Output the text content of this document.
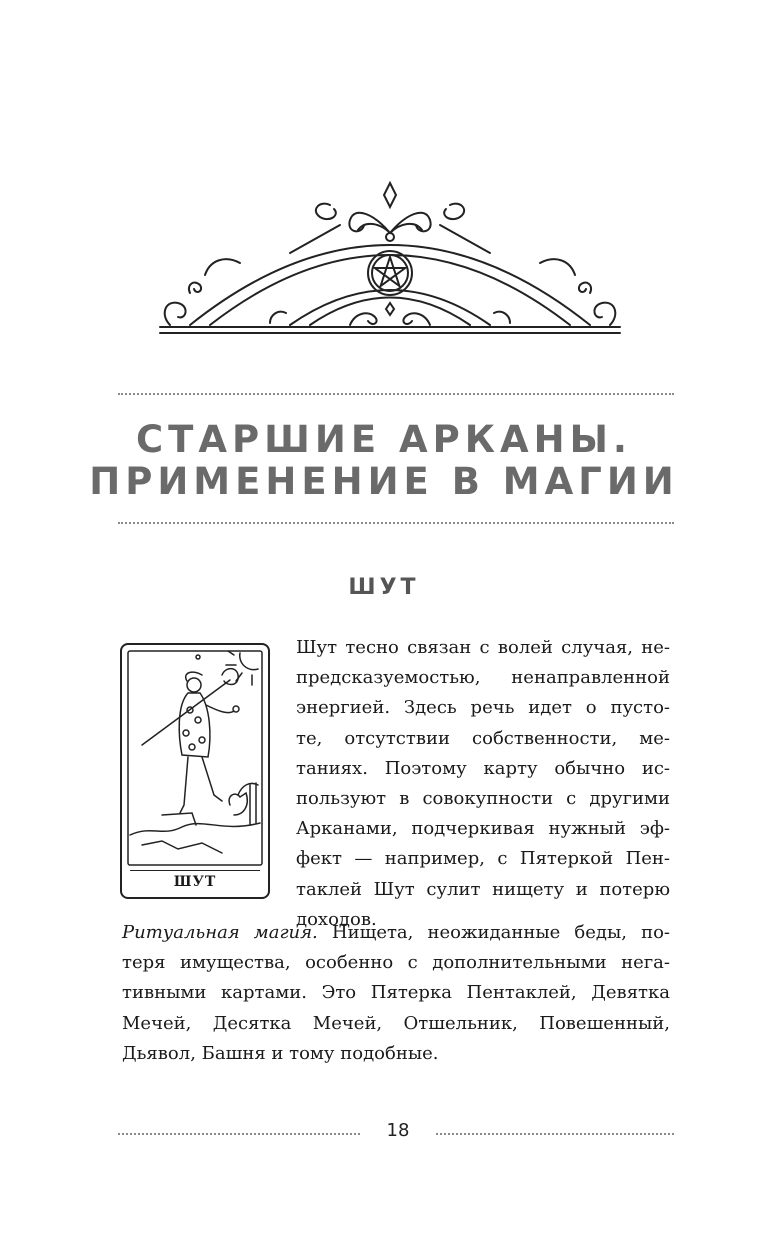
СТАРШИЕ АРКАНЫ.
ПРИМЕНЕНИЕ В МАГИИ
ШУТ
ШУТ

Шут тесно связан с волей случая, не-
предсказуемостью, ненаправленной
энергией. Здесь речь идет о пусто-
те, отсутствии собственности, ме-
таниях. Поэтому карту обычно ис-
пользуют в совокупности с другими
Арканами, подчеркивая нужный эф-
фект — например, с Пятеркой Пен-
таклей Шут сулит нищету и потерю
доходов.

Ритуальная магия. Нищета, неожиданные беды, по-
теря имущества, особенно с дополнительными нега-
тивными картами. Это Пятерка Пентаклей, Девятка
Мечей, Десятка Мечей, Отшельник, Повешенный,
Дьявол, Башня и тому подобные.

18
